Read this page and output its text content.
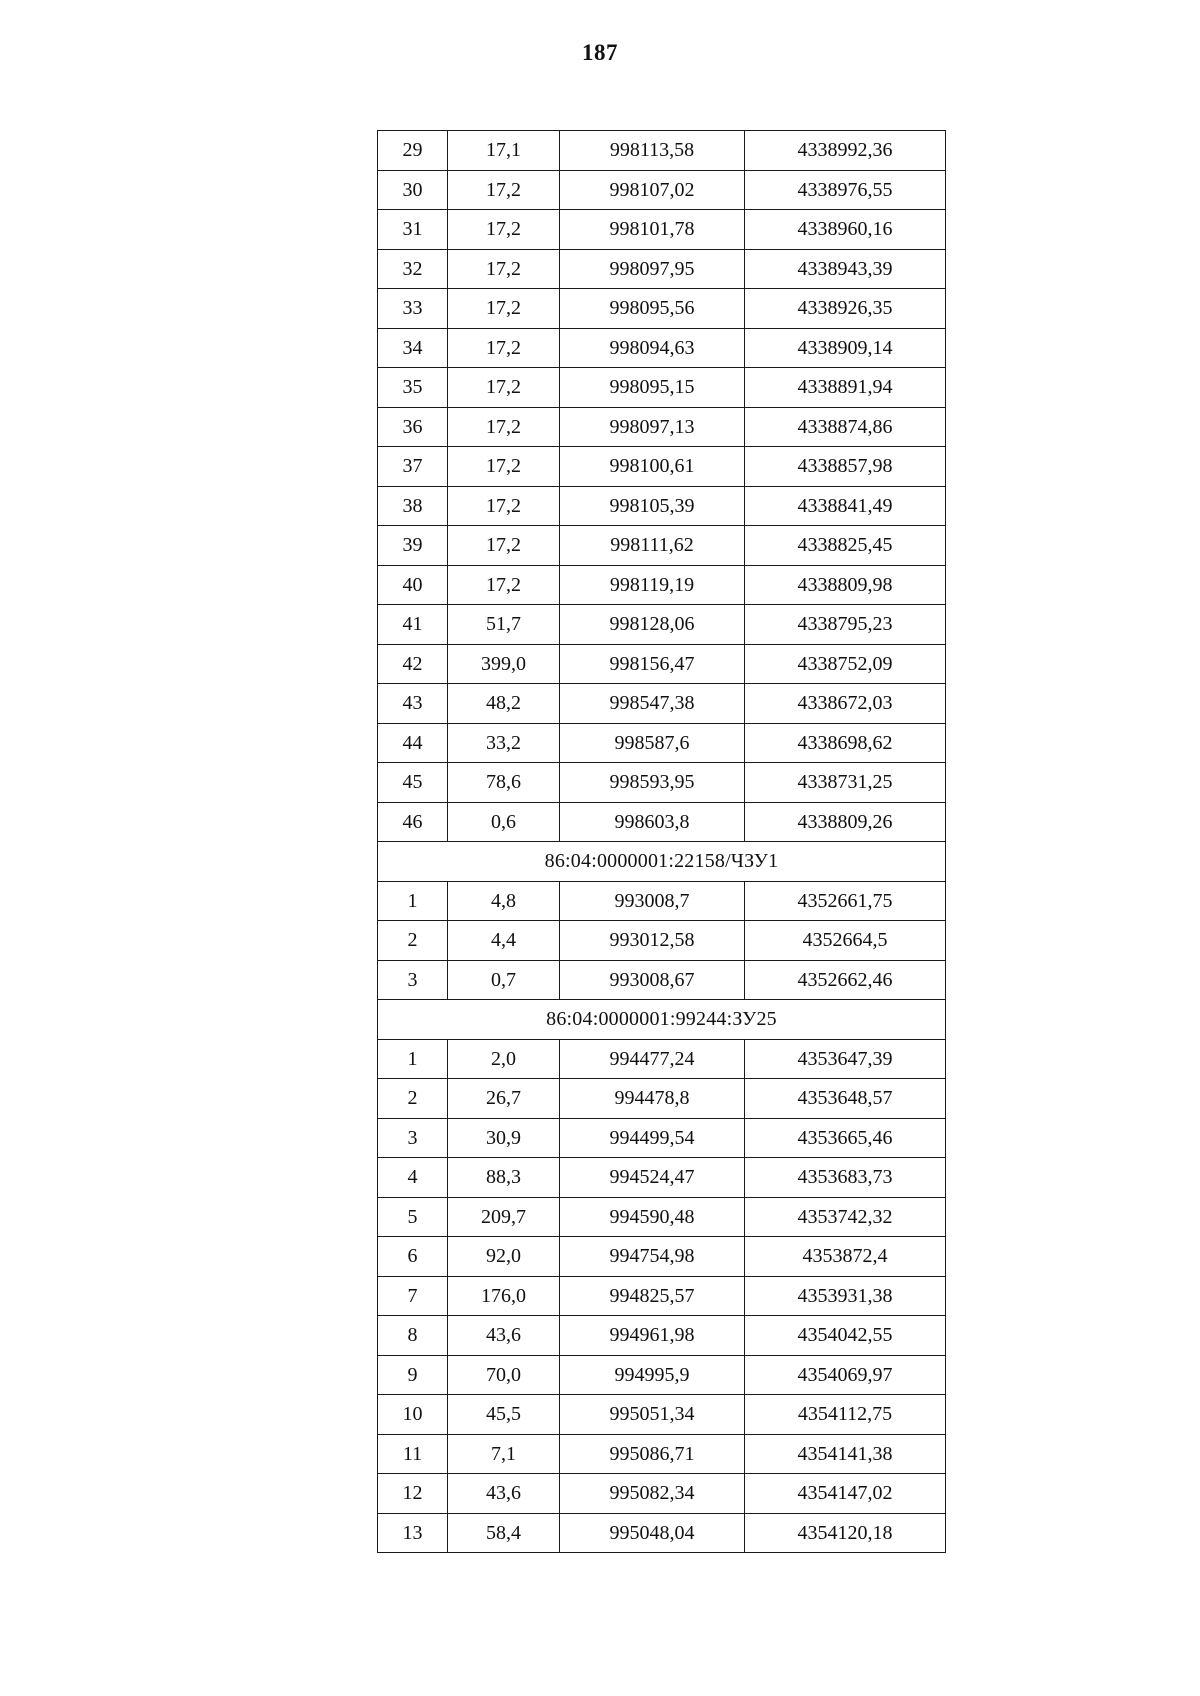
187
29	17,1	998113,58	4338992,36
30	17,2	998107,02	4338976,55
31	17,2	998101,78	4338960,16
32	17,2	998097,95	4338943,39
33	17,2	998095,56	4338926,35
34	17,2	998094,63	4338909,14
35	17,2	998095,15	4338891,94
36	17,2	998097,13	4338874,86
37	17,2	998100,61	4338857,98
38	17,2	998105,39	4338841,49
39	17,2	998111,62	4338825,45
40	17,2	998119,19	4338809,98
41	51,7	998128,06	4338795,23
42	399,0	998156,47	4338752,09
43	48,2	998547,38	4338672,03
44	33,2	998587,6	4338698,62
45	78,6	998593,95	4338731,25
46	0,6	998603,8	4338809,26
86:04:0000001:22158/ЧЗУ1			
1	4,8	993008,7	4352661,75
2	4,4	993012,58	4352664,5
3	0,7	993008,67	4352662,46
86:04:0000001:99244:ЗУ25			
1	2,0	994477,24	4353647,39
2	26,7	994478,8	4353648,57
3	30,9	994499,54	4353665,46
4	88,3	994524,47	4353683,73
5	209,7	994590,48	4353742,32
6	92,0	994754,98	4353872,4
7	176,0	994825,57	4353931,38
8	43,6	994961,98	4354042,55
9	70,0	994995,9	4354069,97
10	45,5	995051,34	4354112,75
11	7,1	995086,71	4354141,38
12	43,6	995082,34	4354147,02
13	58,4	995048,04	4354120,18
